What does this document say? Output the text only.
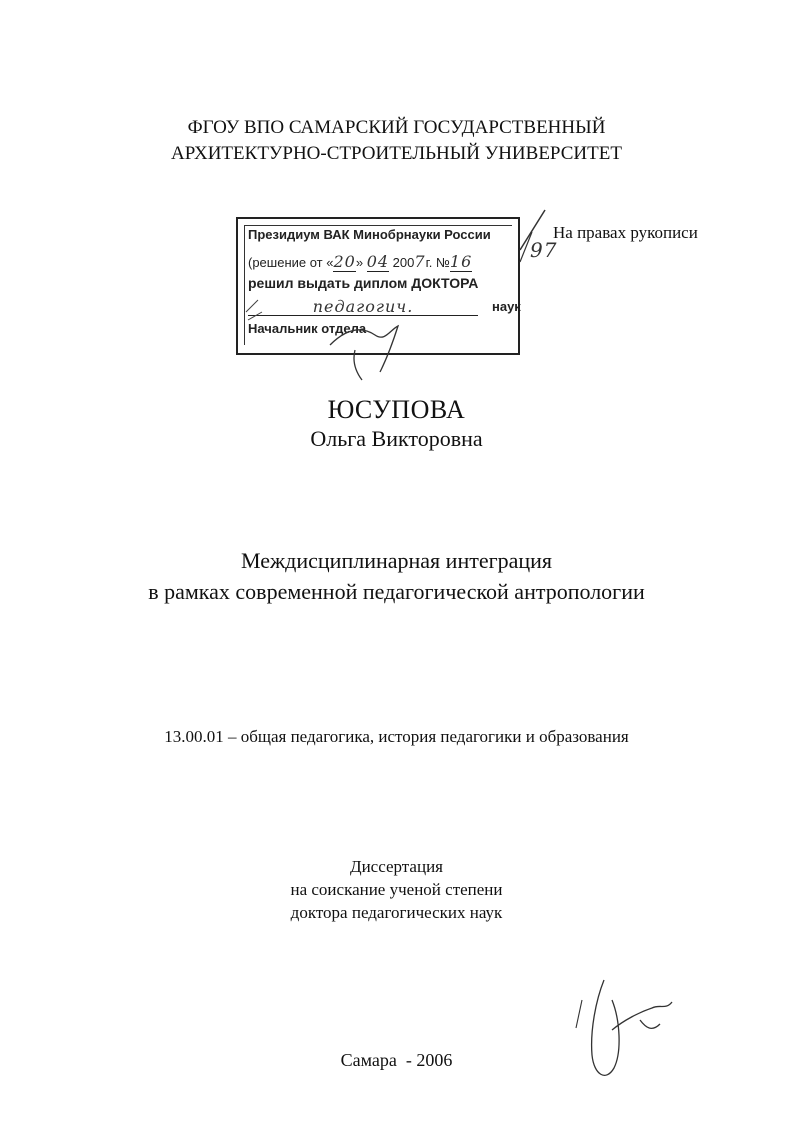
ФГОУ ВПО САМАРСКИЙ ГОСУДАРСТВЕННЫЙ
АРХИТЕКТУРНО-СТРОИТЕЛЬНЫЙ УНИВЕРСИТЕТ
На правах рукописи
Президиум ВАК Минобрнауки России
(решение от «20» 04 2007г. №16
решил выдать диплом ДОКТОРА
педагогич.	наук
Начальник отдела
97
ЮСУПОВА
Ольга Викторовна
Междисциплинарная интеграция
в рамках современной педагогической антропологии
13.00.01 – общая педагогика, история педагогики и образования
Диссертация
на соискание ученой степени
доктора педагогических наук
Самара  - 2006
